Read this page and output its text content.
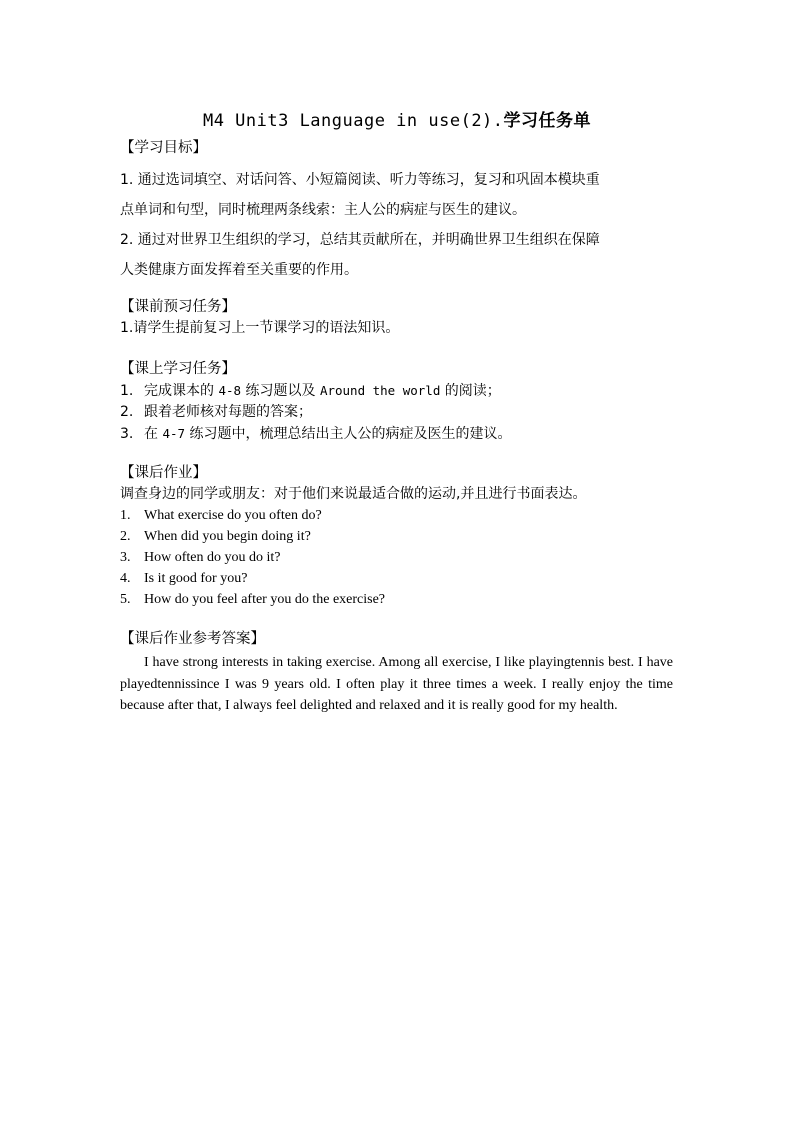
M4 Unit3 Language in use(2).学习任务单
【学习目标】
1. 通过选词填空、对话问答、小短篇阅读、听力等练习，复习和巩固本模块重
点单词和句型，同时梳理两条线索：主人公的病症与医生的建议。
2. 通过对世界卫生组织的学习，总结其贡献所在，并明确世界卫生组织在保障
人类健康方面发挥着至关重要的作用。
【课前预习任务】
1.请学生提前复习上一节课学习的语法知识。
【课上学习任务】
1. 完成课本的 4-8 练习题以及 Around the world 的阅读；
2. 跟着老师核对每题的答案；
3. 在 4-7 练习题中，梳理总结出主人公的病症及医生的建议。
【课后作业】
调查身边的同学或朋友：对于他们来说最适合做的运动,并且进行书面表达。
1. What exercise do you often do?
2. When did you begin doing it?
3. How often do you do it?
4. Is it good for you?
5. How do you feel after you do the exercise?
【课后作业参考答案】
I have strong interests in taking exercise. Among all exercise, I like playingtennis best. I have playedtennissince I was 9 years old. I often play it three times a week. I really enjoy the time because after that, I always feel delighted and relaxed and it is really good for my health.
